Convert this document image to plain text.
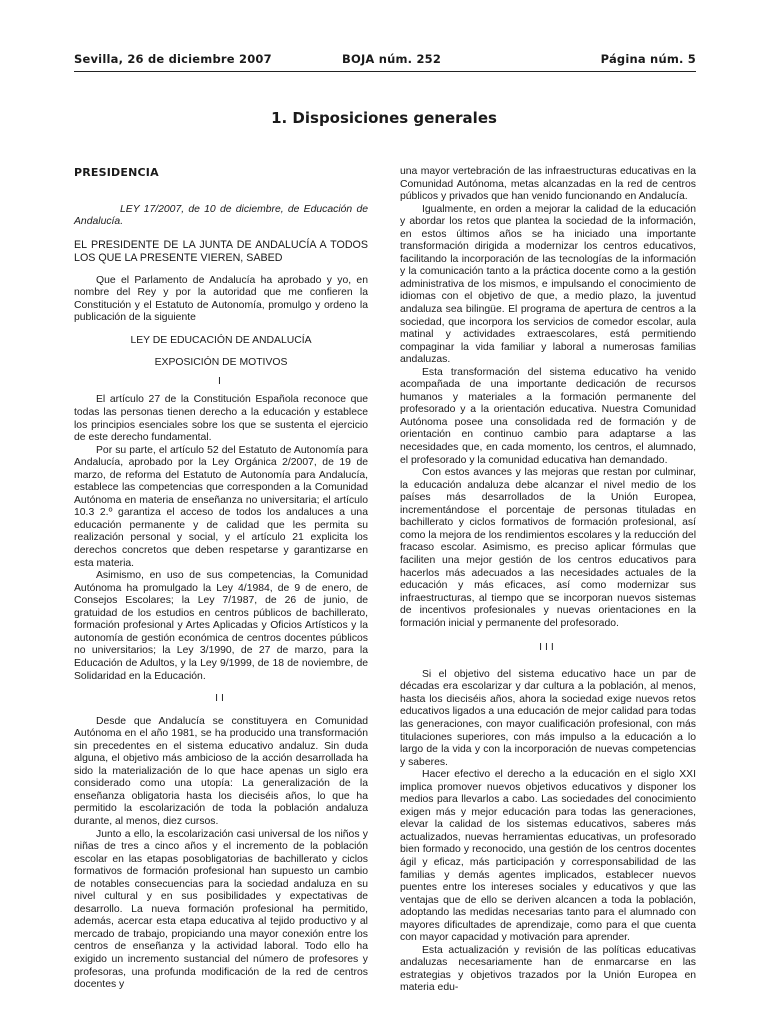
Sevilla, 26 de diciembre 2007	BOJA núm. 252	Página núm. 5
1. Disposiciones generales
PRESIDENCIA

LEY 17/2007, de 10 de diciembre, de Educación de Andalucía.

EL PRESIDENTE DE LA JUNTA DE ANDALUCÍA A TODOS LOS QUE LA PRESENTE VIEREN, SABED

Que el Parlamento de Andalucía ha aprobado y yo, en nombre del Rey y por la autoridad que me confieren la Constitución y el Estatuto de Autonomía, promulgo y ordeno la publicación de la siguiente

LEY DE EDUCACIÓN DE ANDALUCÍA

EXPOSICIÓN DE MOTIVOS

I

El artículo 27 de la Constitución Española reconoce que todas las personas tienen derecho a la educación y establece los principios esenciales sobre los que se sustenta el ejercicio de este derecho fundamental.

Por su parte, el artículo 52 del Estatuto de Autonomía para Andalucía, aprobado por la Ley Orgánica 2/2007, de 19 de marzo, de reforma del Estatuto de Autonomía para Andalucía, establece las competencias que corresponden a la Comunidad Autónoma en materia de enseñanza no universitaria; el artículo 10.3 2.º garantiza el acceso de todos los andaluces a una educación permanente y de calidad que les permita su realización personal y social, y el artículo 21 explicita los derechos concretos que deben respetarse y garantizarse en esta materia.

Asimismo, en uso de sus competencias, la Comunidad Autónoma ha promulgado la Ley 4/1984, de 9 de enero, de Consejos Escolares; la Ley 7/1987, de 26 de junio, de gratuidad de los estudios en centros públicos de bachillerato, formación profesional y Artes Aplicadas y Oficios Artísticos y la autonomía de gestión económica de centros docentes públicos no universitarios; la Ley 3/1990, de 27 de marzo, para la Educación de Adultos, y la Ley 9/1999, de 18 de noviembre, de Solidaridad en la Educación.

II

Desde que Andalucía se constituyera en Comunidad Autónoma en el año 1981, se ha producido una transformación sin precedentes en el sistema educativo andaluz. Sin duda alguna, el objetivo más ambicioso de la acción desarrollada ha sido la materialización de lo que hace apenas un siglo era considerado como una utopía: La generalización de la enseñanza obligatoria hasta los dieciséis años, lo que ha permitido la escolarización de toda la población andaluza durante, al menos, diez cursos.

Junto a ello, la escolarización casi universal de los niños y niñas de tres a cinco años y el incremento de la población escolar en las etapas posobligatorias de bachillerato y ciclos formativos de formación profesional han supuesto un cambio de notables consecuencias para la sociedad andaluza en su nivel cultural y en sus posibilidades y expectativas de desarrollo. La nueva formación profesional ha permitido, además, acercar esta etapa educativa al tejido productivo y al mercado de trabajo, propiciando una mayor conexión entre los centros de enseñanza y la actividad laboral. Todo ello ha exigido un incremento sustancial del número de profesores y profesoras, una profunda modificación de la red de centros docentes y

una mayor vertebración de las infraestructuras educativas en la Comunidad Autónoma, metas alcanzadas en la red de centros públicos y privados que han venido funcionando en Andalucía.

Igualmente, en orden a mejorar la calidad de la educación y abordar los retos que plantea la sociedad de la información, en estos últimos años se ha iniciado una importante transformación dirigida a modernizar los centros educativos, facilitando la incorporación de las tecnologías de la información y la comunicación tanto a la práctica docente como a la gestión administrativa de los mismos, e impulsando el conocimiento de idiomas con el objetivo de que, a medio plazo, la juventud andaluza sea bilingüe. El programa de apertura de centros a la sociedad, que incorpora los servicios de comedor escolar, aula matinal y actividades extraescolares, está permitiendo compaginar la vida familiar y laboral a numerosas familias andaluzas.

Esta transformación del sistema educativo ha venido acompañada de una importante dedicación de recursos humanos y materiales a la formación permanente del profesorado y a la orientación educativa. Nuestra Comunidad Autónoma posee una consolidada red de formación y de orientación en continuo cambio para adaptarse a las necesidades que, en cada momento, los centros, el alumnado, el profesorado y la comunidad educativa han demandado.

Con estos avances y las mejoras que restan por culminar, la educación andaluza debe alcanzar el nivel medio de los países más desarrollados de la Unión Europea, incrementándose el porcentaje de personas tituladas en bachillerato y ciclos formativos de formación profesional, así como la mejora de los rendimientos escolares y la reducción del fracaso escolar. Asimismo, es preciso aplicar fórmulas que faciliten una mejor gestión de los centros educativos para hacerlos más adecuados a las necesidades actuales de la educación y más eficaces, así como modernizar sus infraestructuras, al tiempo que se incorporan nuevos sistemas de incentivos profesionales y nuevas orientaciones en la formación inicial y permanente del profesorado.

III

Si el objetivo del sistema educativo hace un par de décadas era escolarizar y dar cultura a la población, al menos, hasta los dieciséis años, ahora la sociedad exige nuevos retos educativos ligados a una educación de mejor calidad para todas las generaciones, con mayor cualificación profesional, con más titulaciones superiores, con más impulso a la educación a lo largo de la vida y con la incorporación de nuevas competencias y saberes.

Hacer efectivo el derecho a la educación en el siglo XXI implica promover nuevos objetivos educativos y disponer los medios para llevarlos a cabo. Las sociedades del conocimiento exigen más y mejor educación para todas las generaciones, elevar la calidad de los sistemas educativos, saberes más actualizados, nuevas herramientas educativas, un profesorado bien formado y reconocido, una gestión de los centros docentes ágil y eficaz, más participación y corresponsabilidad de las familias y demás agentes implicados, establecer nuevos puentes entre los intereses sociales y educativos y que las ventajas que de ello se deriven alcancen a toda la población, adoptando las medidas necesarias tanto para el alumnado con mayores dificultades de aprendizaje, como para el que cuenta con mayor capacidad y motivación para aprender.

Esta actualización y revisión de las políticas educativas andaluzas necesariamente han de enmarcarse en las estrategias y objetivos trazados por la Unión Europea en materia edu-
